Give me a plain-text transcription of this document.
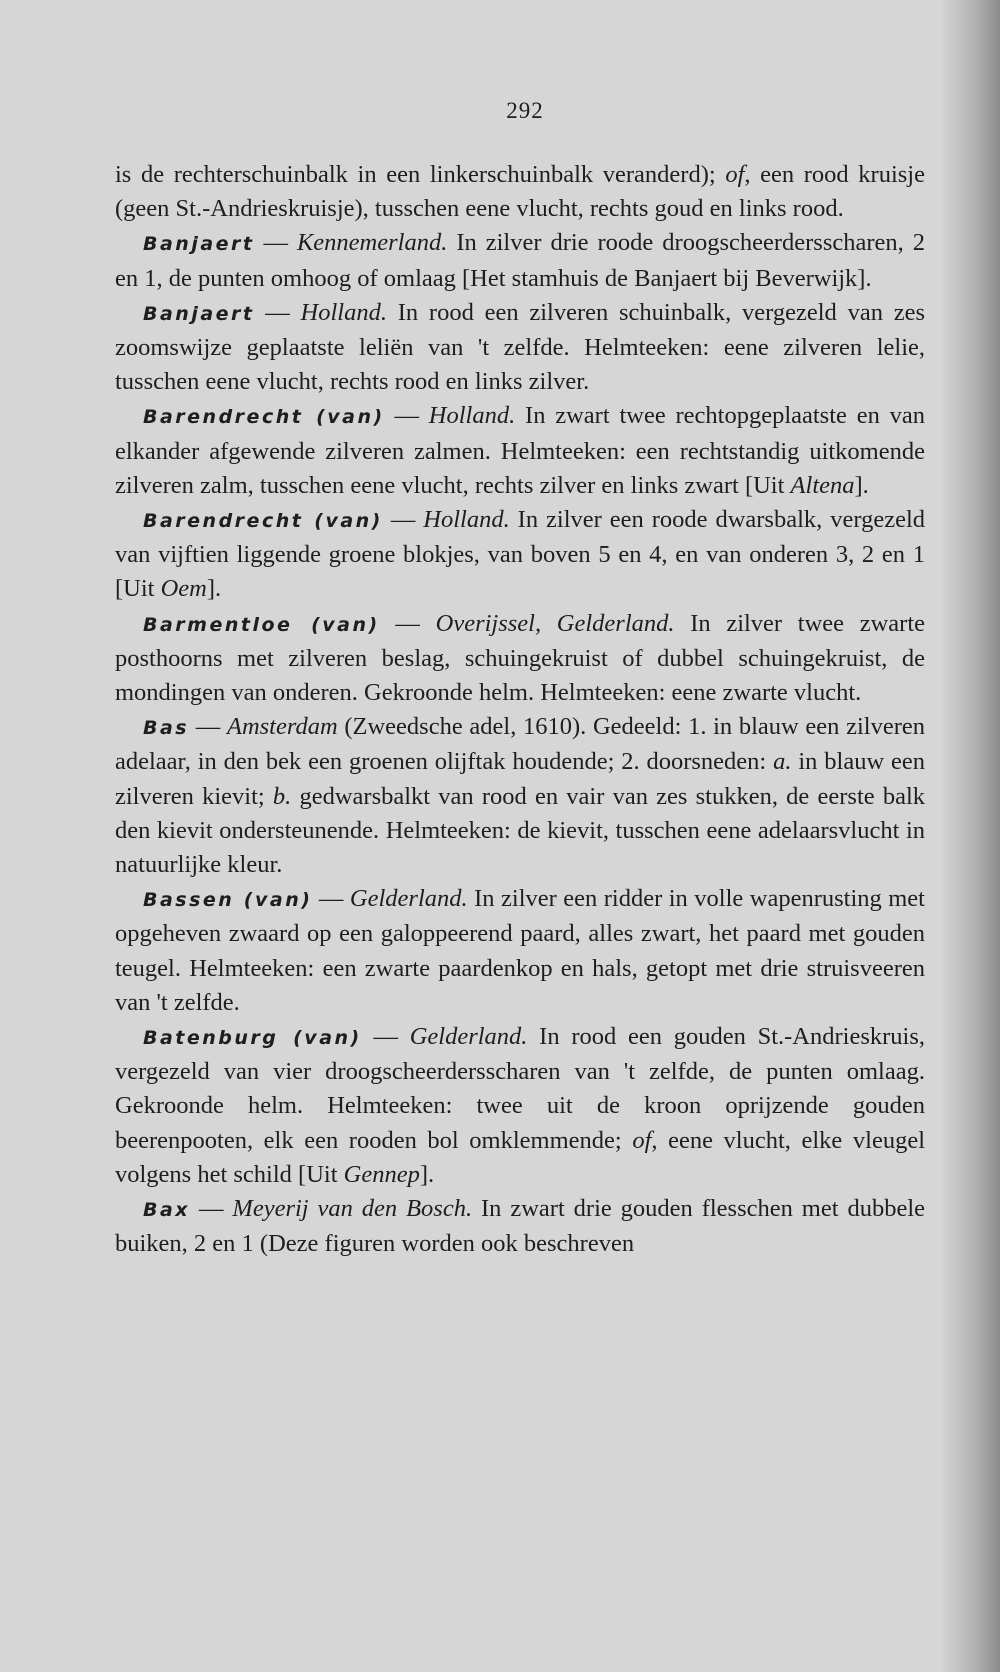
292

is de rechterschuinbalk in een linkerschuinbalk veranderd); of, een rood kruisje (geen St.-Andrieskruisje), tusschen eene vlucht, rechts goud en links rood.

Banjaert — Kennemerland. In zilver drie roode droogscheerdersscharen, 2 en 1, de punten omhoog of omlaag [Het stamhuis de Banjaert bij Beverwijk].

Banjaert — Holland. In rood een zilveren schuinbalk, vergezeld van zes zoomswijze geplaatste leliën van 't zelfde. Helmteeken: eene zilveren lelie, tusschen eene vlucht, rechts rood en links zilver.

Barendrecht (van) — Holland. In zwart twee rechtopgeplaatste en van elkander afgewende zilveren zalmen. Helmteeken: een rechtstandig uitkomende zilveren zalm, tusschen eene vlucht, rechts zilver en links zwart [Uit Altena].

Barendrecht (van) — Holland. In zilver een roode dwarsbalk, vergezeld van vijftien liggende groene blokjes, van boven 5 en 4, en van onderen 3, 2 en 1 [Uit Oem].

Barmentloe (van) — Overijssel, Gelderland. In zilver twee zwarte posthoorns met zilveren beslag, schuingekruist of dubbel schuingekruist, de mondingen van onderen. Gekroonde helm. Helmteeken: eene zwarte vlucht.

Bas — Amsterdam (Zweedsche adel, 1610). Gedeeld: 1. in blauw een zilveren adelaar, in den bek een groenen olijftak houdende; 2. doorsneden: a. in blauw een zilveren kievit; b. gedwarsbalkt van rood en vair van zes stukken, de eerste balk den kievit ondersteunende. Helmteeken: de kievit, tusschen eene adelaarsvlucht in natuurlijke kleur.

Bassen (van) — Gelderland. In zilver een ridder in volle wapenrusting met opgeheven zwaard op een galoppeerend paard, alles zwart, het paard met gouden teugel. Helmteeken: een zwarte paardenkop en hals, getopt met drie struisveeren van 't zelfde.

Batenburg (van) — Gelderland. In rood een gouden St.-Andrieskruis, vergezeld van vier droogscheerdersscharen van 't zelfde, de punten omlaag. Gekroonde helm. Helmteeken: twee uit de kroon oprijzende gouden beerenpooten, elk een rooden bol omklemmende; of, eene vlucht, elke vleugel volgens het schild [Uit Gennep].

Bax — Meyerij van den Bosch. In zwart drie gouden flesschen met dubbele buiken, 2 en 1 (Deze figuren worden ook beschreven
